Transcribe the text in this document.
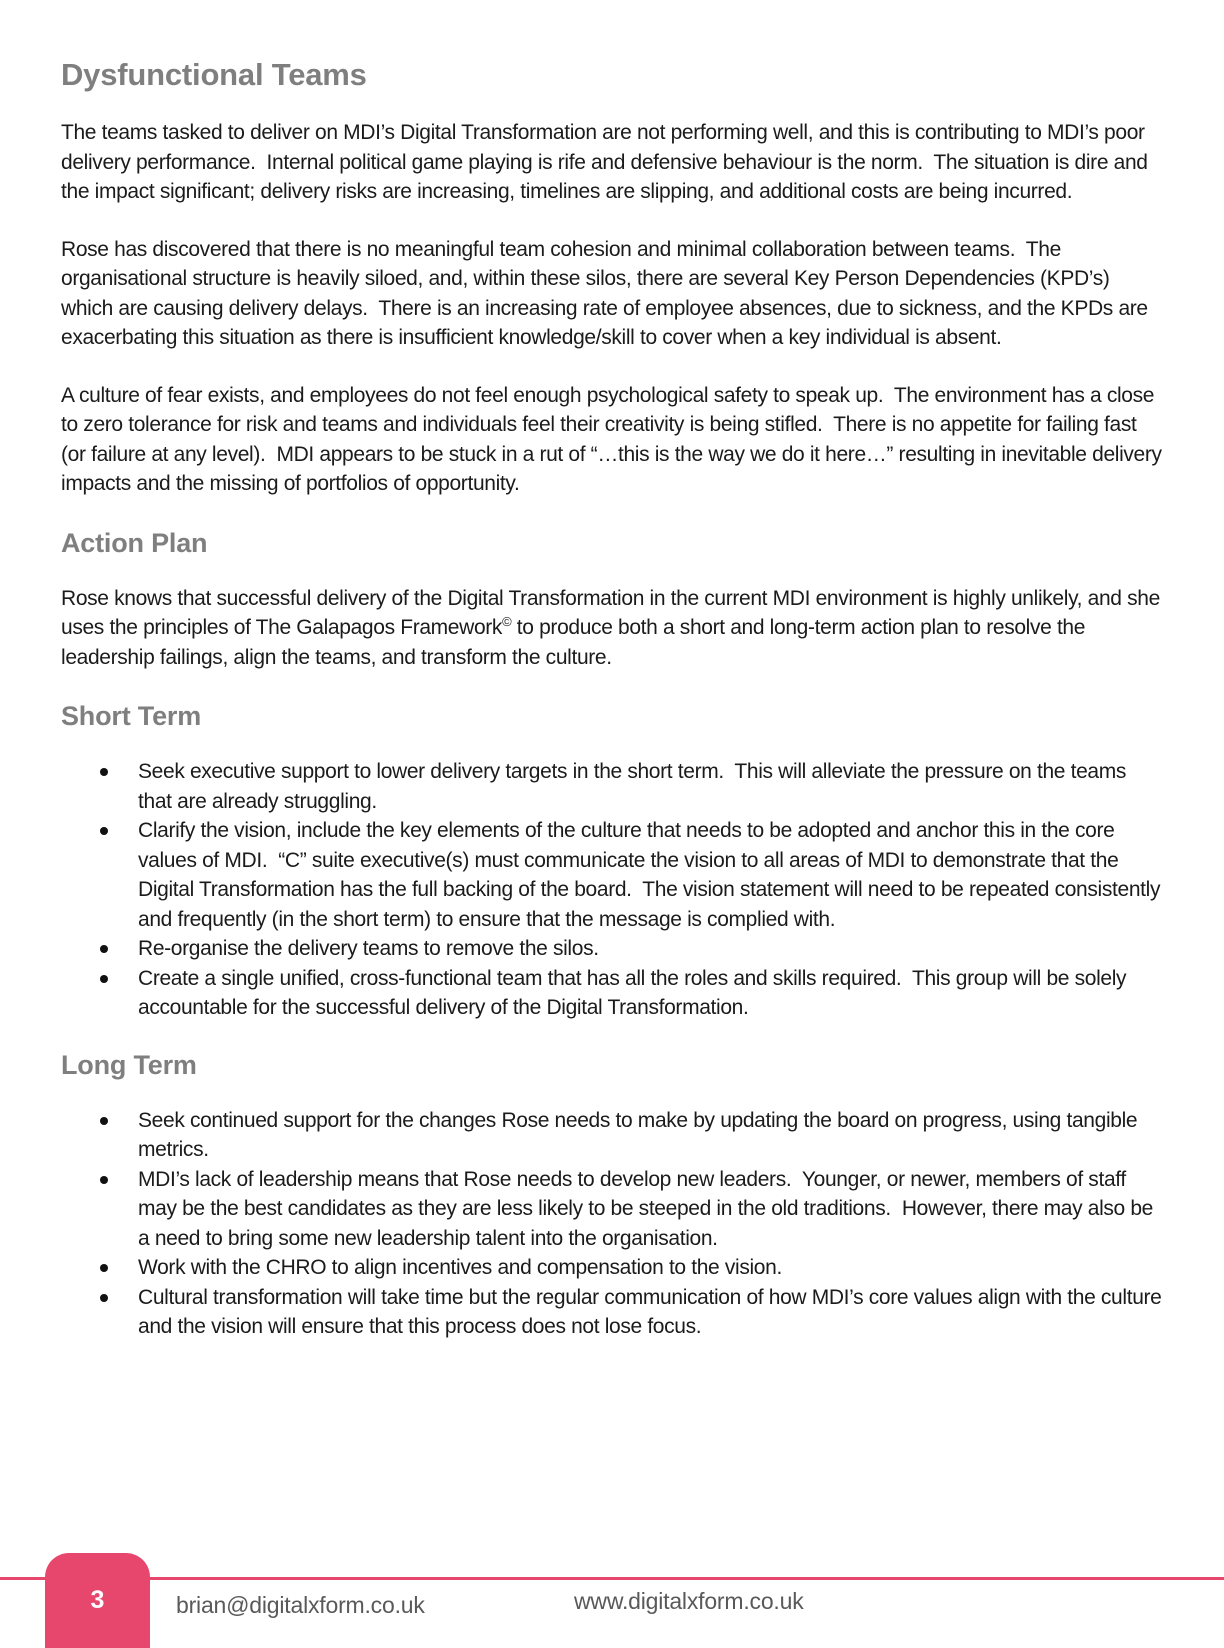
Dysfunctional Teams

The teams tasked to deliver on MDI’s Digital Transformation are not performing well, and this is contributing to MDI’s poor delivery performance.  Internal political game playing is rife and defensive behaviour is the norm.  The situation is dire and the impact significant; delivery risks are increasing, timelines are slipping, and additional costs are being incurred.

Rose has discovered that there is no meaningful team cohesion and minimal collaboration between teams.  The organisational structure is heavily siloed, and, within these silos, there are several Key Person Dependencies (KPD’s) which are causing delivery delays.  There is an increasing rate of employee absences, due to sickness, and the KPDs are exacerbating this situation as there is insufficient knowledge/skill to cover when a key individual is absent.

A culture of fear exists, and employees do not feel enough psychological safety to speak up.  The environment has a close to zero tolerance for risk and teams and individuals feel their creativity is being stifled.  There is no appetite for failing fast (or failure at any level).  MDI appears to be stuck in a rut of “…this is the way we do it here…” resulting in inevitable delivery impacts and the missing of portfolios of opportunity.

Action Plan

Rose knows that successful delivery of the Digital Transformation in the current MDI environment is highly unlikely, and she uses the principles of The Galapagos Framework© to produce both a short and long-term action plan to resolve the leadership failings, align the teams, and transform the culture.

Short Term
Seek executive support to lower delivery targets in the short term.  This will alleviate the pressure on the teams that are already struggling.
Clarify the vision, include the key elements of the culture that needs to be adopted and anchor this in the core values of MDI.  “C” suite executive(s) must communicate the vision to all areas of MDI to demonstrate that the Digital Transformation has the full backing of the board.  The vision statement will need to be repeated consistently and frequently (in the short term) to ensure that the message is complied with.
Re-organise the delivery teams to remove the silos.
Create a single unified, cross-functional team that has all the roles and skills required.  This group will be solely accountable for the successful delivery of the Digital Transformation.
Long Term
Seek continued support for the changes Rose needs to make by updating the board on progress, using tangible metrics.
MDI’s lack of leadership means that Rose needs to develop new leaders.  Younger, or newer, members of staff may be the best candidates as they are less likely to be steeped in the old traditions.  However, there may also be a need to bring some new leadership talent into the organisation.
Work with the CHRO to align incentives and compensation to the vision.
Cultural transformation will take time but the regular communication of how MDI’s core values align with the culture and the vision will ensure that this process does not lose focus.
3	brian@digitalxform.co.uk	www.digitalxform.co.uk
